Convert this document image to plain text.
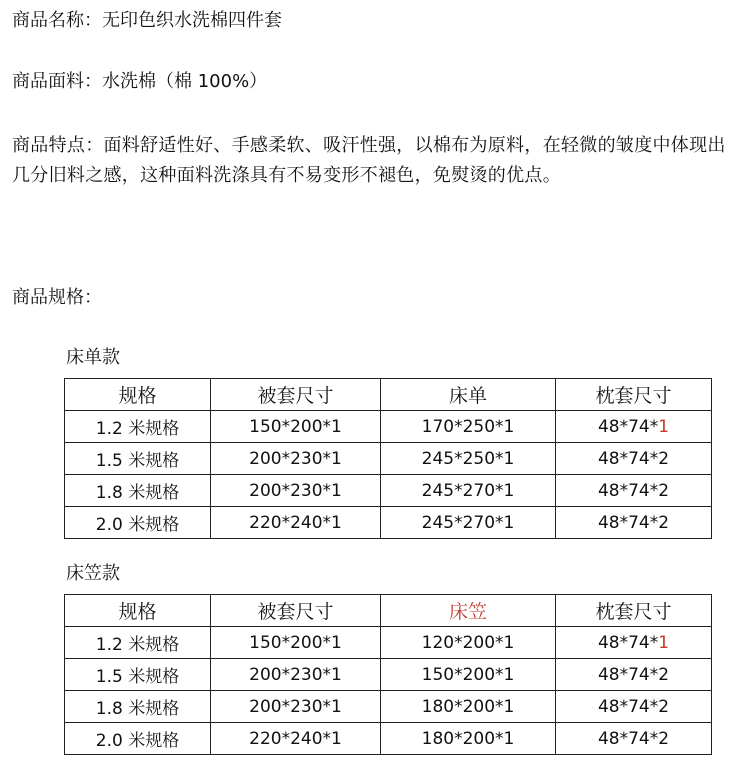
商品名称：无印色织水洗棉四件套
商品面料：水洗棉（棉 100%）
商品特点：面料舒适性好、手感柔软、吸汗性强，以棉布为原料，在轻微的皱度中体现出几分旧料之感，这种面料洗涤具有不易变形不褪色，免熨烫的优点。
商品规格：
床单款
规格	被套尺寸	床单	枕套尺寸
1.2 米规格	150*200*1	170*250*1	48*74*1
1.5 米规格	200*230*1	245*250*1	48*74*2
1.8 米规格	200*230*1	245*270*1	48*74*2
2.0 米规格	220*240*1	245*270*1	48*74*2
床笠款
规格	被套尺寸	床笠	枕套尺寸
1.2 米规格	150*200*1	120*200*1	48*74*1
1.5 米规格	200*230*1	150*200*1	48*74*2
1.8 米规格	200*230*1	180*200*1	48*74*2
2.0 米规格	220*240*1	180*200*1	48*74*2
